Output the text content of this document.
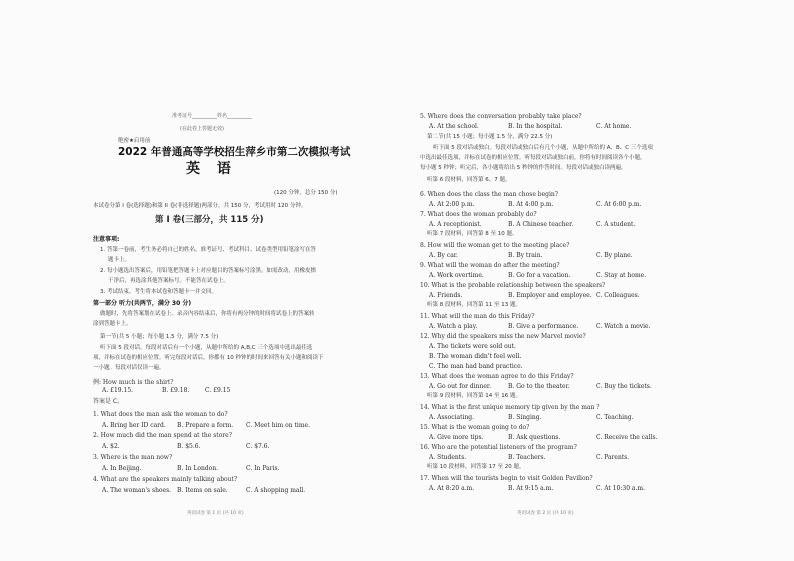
准考证号__________姓名__________
(在此卷上答题无效)
绝密★启用前
2022 年普通高等学校招生萍乡市第二次模拟考试
英 语
(120 分钟，总分 150 分)
本试卷分第 I 卷(选择题)和第 II 卷(非选择题)两部分，共 150 分，考试用时 120 分钟。
第 I 卷(三部分，共 115 分)
注意事项:
1. 答第一卷前，考生务必将自己的姓名、准考证号、考试科目、试卷类型用铅笔涂写在答
题卡上。
2. 每小题选出答案后，用铅笔把答题卡上对应题目的答案标号涂黑。如需改动，用橡皮擦
干净后，再选涂其他答案标号。不能答在试卷上。
3. 考试结束，考生将本试卷和答题卡一并交回。
第一部分 听力(共两节，满分 30 分)
做题时，先将答案划在试卷上。录音内容结束后，你将有两分钟的时间将试卷上的答案转
涂到答题卡上。
第一节(共 5 小题；每小题 1.5 分，满分 7.5 分)
听下面 5 段对话，每段对话后有一个小题，从题中所给的 A,B,C 三个选项中选出最佳选
项，并标在试卷的相应位置。听完每段对话后，你都有 10 秒钟的时间来回答有关小题和阅读下
一小题。每段对话仅读一遍。
例: How much is the shirt?
A. £19.15.	B. £9.18.	C. £9.15
答案是 C。
1. What does the man ask the woman to do?
A. Bring her ID card. B. Prepare a form. C. Meet him on time.
2. How much did the man spend at the store?
A. $2.	B. $5.6.	C. $7.6.
3. Where is the man now?
A. In Beijing.	B. In London.	C. In Paris.
4. What are the speakers mainly talking about?
A. The woman's shoes. B. Items on sale.	C. A shopping mall.
英语试卷 第 1 页 (共 10 页)
5. Where does the conversation probably take place?
A. At the school.	B. In the hospital.	C. At home.
第二节(共 15 小题；每小题 1.5 分，满分 22.5 分)
听下面 5 段对话或独白。每段对话或独白后有几个小题，从题中所给的 A、B、C 三个选项
中选出最佳选项，并标在试卷的相应位置。听每段对话或独白前，你将有时间阅读各个小题，
每小题 5 秒钟；听完后，各小题将给出 5 秒钟的作答时间。每段对话或独白读两遍。
听第 6 段材料，回答第 6、7 题。
6. When does the class the man chose begin?
A. At 2:00 p.m.	B. At 4:00 p.m.	C. At 6:00 p.m.
7. What does the woman probably do?
A. A receptionist.	B. A Chinese teacher.	C. A student.
听第 7 段材料，回答第 8 至 10 题。
8. How will the woman get to the meeting place?
A. By car.	B. By train.	C. By plane.
9. What will the woman do after the meeting?
A. Work overtime.	B. Go for a vacation.	C. Stay at home.
10. What is the probable relationship between the speakers?
A. Friends.	B. Employer and employee. C. Colleagues.
听第 8 段材料，回答第 11 至 13 题。
11. What will the man do this Friday?
A. Watch a play.	B. Give a performance.	C. Watch a movie.
12. Why did the speakers miss the new Marvel movie?
A. The tickets were sold out.
B. The woman didn't feel well.
C. The man had band practice.
13. What does the woman agree to do this Friday?
A. Go out for dinner.	B. Go to the theater.	C. Buy the tickets.
听第 9 段材料，回答第 14 至 16 题。
14. What is the first unique memory tip given by the man ?
A. Associating.	B. Singing.	C. Teaching.
15. What is the woman going to do?
A. Give more tips.	B. Ask questions.	C. Receive the calls.
16. Who are the potential listeners of the program?
A. Students.	B. Teachers.	C. Parents.
听第 10 段材料，回答第 17 至 20 题。
17. When will the tourists begin to visit Golden Pavilion?
A. At 8:20 a.m.	B. At 9:15 a.m.	C. At 10:30 a.m.
英语试卷 第 2 页 (共 10 页)
